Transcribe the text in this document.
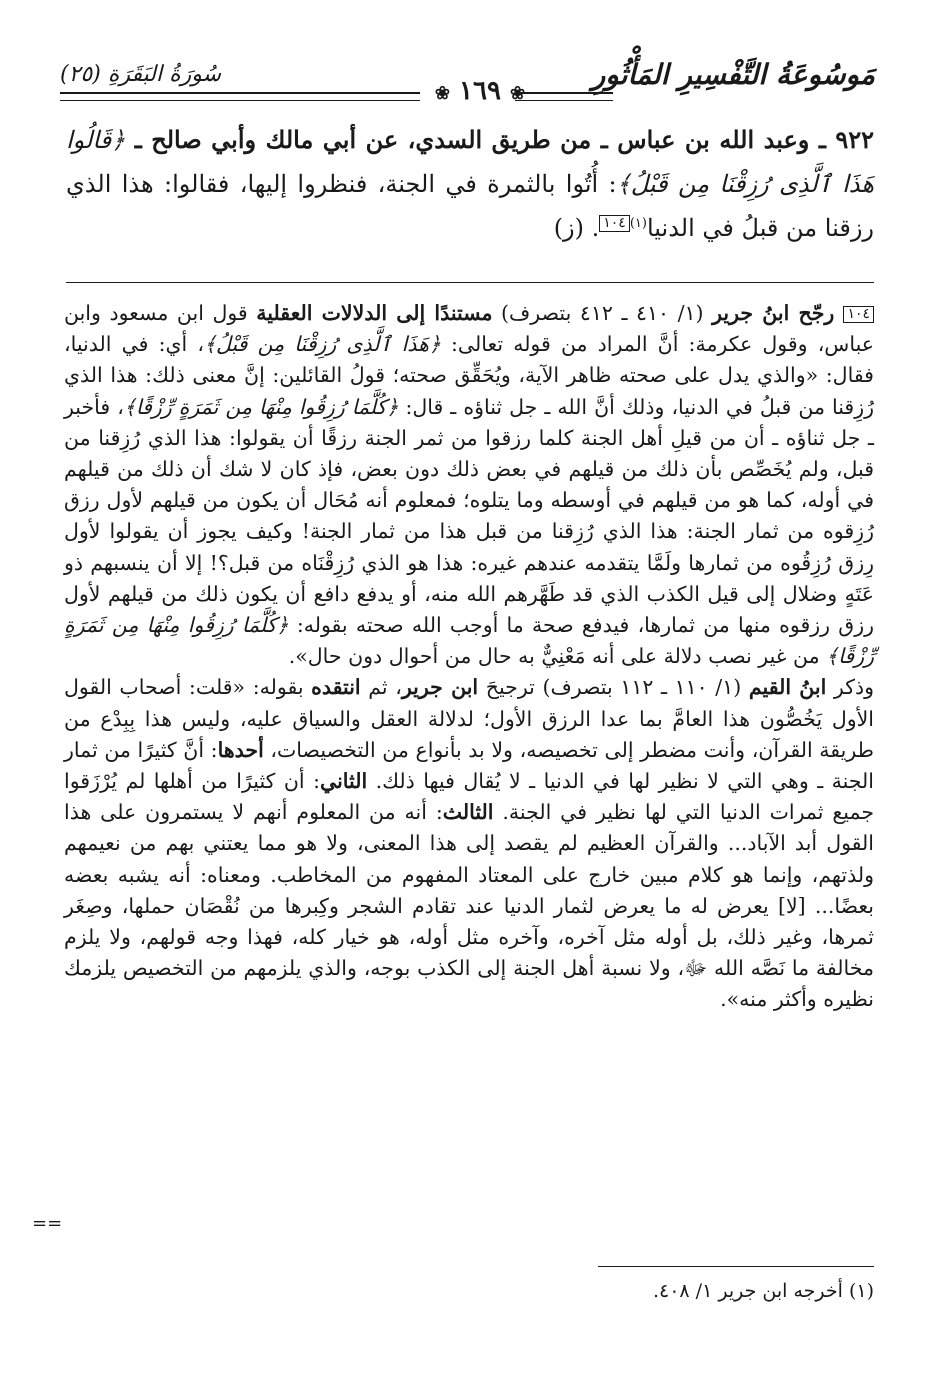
مَوسُوعَةُ التَّفْسِيرِ المَأْثُورِ
❀ ١٦٩ ❀
سُورَةُ البَقَرَةِ (٢٥)

٩٢٢ ـ وعبد الله بن عباس ـ من طريق السدي، عن أبي مالك وأبي صالح ـ ﴿قَالُوا هَذَا ٱلَّذِى رُزِقْنَا مِن قَبْلُ﴾: أُتُوا بالثمرة في الجنة، فنظروا إليها، فقالوا: هذا الذي رزقنا من قبلُ في الدنيا$^{(١)}$١٠٤. (ز)

١٠٤ رجّح ابنُ جرير (١/ ٤١٠ ـ ٤١٢ بتصرف) مستندًا إلى الدلالات العقلية قول ابن مسعود وابن عباس، وقول عكرمة: أنَّ المراد من قوله تعالى: ﴿هَذَا ٱلَّذِى رُزِقْنَا مِن قَبْلُ﴾، أي: في الدنيا، فقال: «والذي يدل على صحته ظاهر الآية، ويُحَقِّق صحته؛ قولُ القائلين: إنَّ معنى ذلك: هذا الذي رُزِقنا من قبلُ في الدنيا، وذلك أنَّ الله ـ جل ثناؤه ـ قال: ﴿كُلَّمَا رُزِقُوا مِنْهَا مِن ثَمَرَةٍ رِّزْقًا﴾، فأخبر ـ جل ثناؤه ـ أن من قيلِ أهل الجنة كلما رزقوا من ثمر الجنة رزقًا أن يقولوا: هذا الذي رُزِقنا من قبل، ولم يُخَصِّص بأن ذلك من قيلهم في بعض ذلك دون بعض، فإذ كان لا شك أن ذلك من قيلهم في أوله، كما هو من قيلهم في أوسطه وما يتلوه؛ فمعلوم أنه مُحَال أن يكون من قيلهم لأول رزق رُزِقوه من ثمار الجنة: هذا الذي رُزِقنا من قبل هذا من ثمار الجنة! وكيف يجوز أن يقولوا لأول رِزق رُزِقُوه من ثمارها ولَمَّا يتقدمه عندهم غيره: هذا هو الذي رُزِقْنَاه من قبل؟! إلا أن ينسبهم ذو عَتَهٍ وضلال إلى قيل الكذب الذي قد طَهَّرهم الله منه، أو يدفع دافع أن يكون ذلك من قيلهم لأول رزق رزقوه منها من ثمارها، فيدفع صحة ما أوجب الله صحته بقوله: ﴿كُلَّمَا رُزِقُوا مِنْهَا مِن ثَمَرَةٍ رِّزْقًا﴾ من غير نصب دلالة على أنه مَعْنِيٌّ به حال من أحوال دون حال».

وذكر ابنُ القيم (١/ ١١٠ ـ ١١٢ بتصرف) ترجيحَ ابن جرير، ثم انتقده بقوله: «قلت: أصحاب القول الأول يَخُصُّون هذا العامَّ بما عدا الرزق الأول؛ لدلالة العقل والسياق عليه، وليس هذا بِبِدْع من طريقة القرآن، وأنت مضطر إلى تخصيصه، ولا بد بأنواع من التخصيصات، أحدها: أنَّ كثيرًا من ثمار الجنة ـ وهي التي لا نظير لها في الدنيا ـ لا يُقال فيها ذلك. الثاني: أن كثيرًا من أهلها لم يُرْزَقوا جميع ثمرات الدنيا التي لها نظير في الجنة. الثالث: أنه من المعلوم أنهم لا يستمرون على هذا القول أبد الآباد... والقرآن العظيم لم يقصد إلى هذا المعنى، ولا هو مما يعتني بهم من نعيمهم ولذتهم، وإنما هو كلام مبين خارج على المعتاد المفهوم من المخاطب. ومعناه: أنه يشبه بعضه بعضًا... [لا] يعرض له ما يعرض لثمار الدنيا عند تقادم الشجر وكِبرها من نُقْصَان حملها، وصِغَر ثمرها، وغير ذلك، بل أوله مثل آخره، وآخره مثل أوله، هو خيار كله، فهذا وجه قولهم، ولا يلزم مخالفة ما نَصَّه الله ﷻ، ولا نسبة أهل الجنة إلى الكذب بوجه، والذي يلزمهم من التخصيص يلزمك نظيره وأكثر منه».

==
(١) أخرجه ابن جرير ١/ ٤٠٨.
